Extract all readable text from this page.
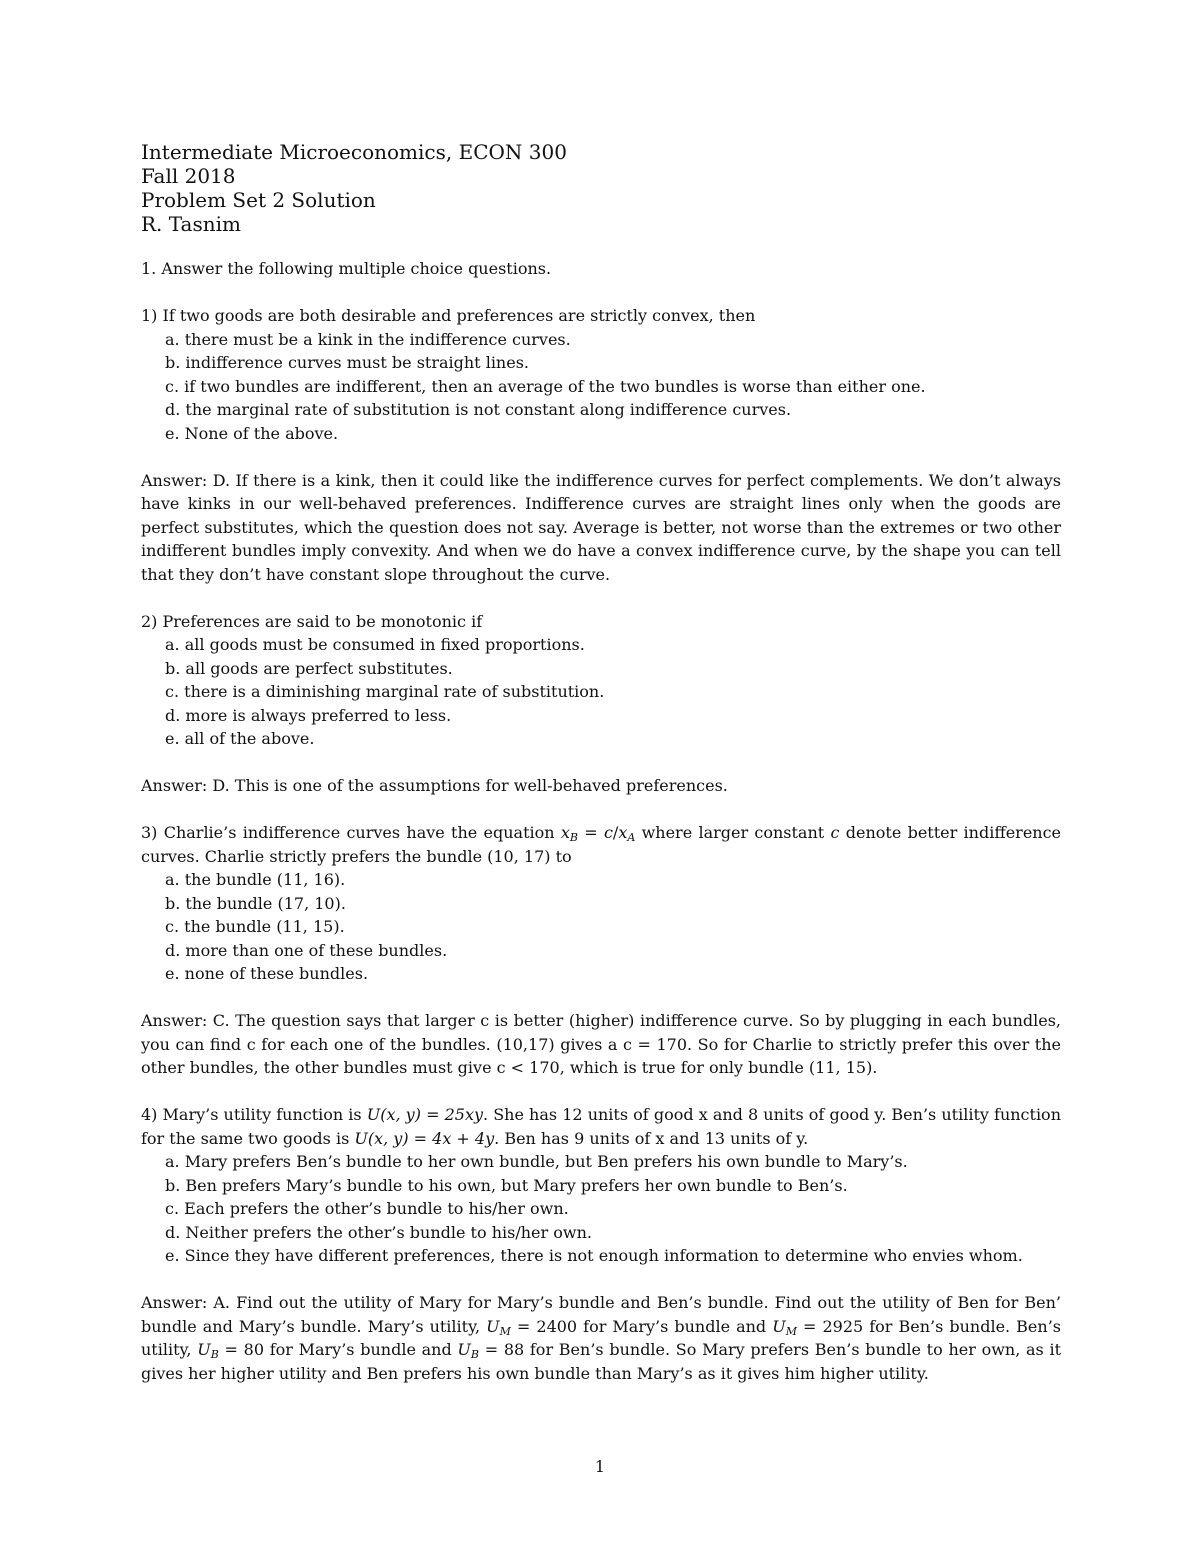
Intermediate Microeconomics, ECON 300
Fall 2018
Problem Set 2 Solution
R. Tasnim

1. Answer the following multiple choice questions.

1) If two goods are both desirable and preferences are strictly convex, then

a. there must be a kink in the indifference curves.
b. indifference curves must be straight lines.
c. if two bundles are indifferent, then an average of the two bundles is worse than either one.
d. the marginal rate of substitution is not constant along indifference curves.
e. None of the above.

Answer: D. If there is a kink, then it could like the indifference curves for perfect complements. We don’t always have kinks in our well-behaved preferences. Indifference curves are straight lines only when the goods are perfect substitutes, which the question does not say. Average is better, not worse than the extremes or two other indifferent bundles imply convexity. And when we do have a convex indifference curve, by the shape you can tell that they don’t have constant slope throughout the curve.

2) Preferences are said to be monotonic if

a. all goods must be consumed in fixed proportions.
b. all goods are perfect substitutes.
c. there is a diminishing marginal rate of substitution.
d. more is always preferred to less.
e. all of the above.

Answer: D. This is one of the assumptions for well-behaved preferences.

3) Charlie’s indifference curves have the equation $x_B = c/x_A$ where larger constant c denote better indifference curves. Charlie strictly prefers the bundle (10, 17) to

a. the bundle (11, 16).
b. the bundle (17, 10).
c. the bundle (11, 15).
d. more than one of these bundles.
e. none of these bundles.

Answer: C. The question says that larger c is better (higher) indifference curve. So by plugging in each bundles, you can find c for each one of the bundles. (10,17) gives a c = 170. So for Charlie to strictly prefer this over the other bundles, the other bundles must give c < 170, which is true for only bundle (11, 15).

4) Mary’s utility function is U(x, y) = 25xy. She has 12 units of good x and 8 units of good y. Ben’s utility function for the same two goods is U(x, y) = 4x + 4y. Ben has 9 units of x and 13 units of y.

a. Mary prefers Ben’s bundle to her own bundle, but Ben prefers his own bundle to Mary’s.
b. Ben prefers Mary’s bundle to his own, but Mary prefers her own bundle to Ben’s.
c. Each prefers the other’s bundle to his/her own.
d. Neither prefers the other’s bundle to his/her own.
e. Since they have different preferences, there is not enough information to determine who envies whom.

Answer: A. Find out the utility of Mary for Mary’s bundle and Ben’s bundle. Find out the utility of Ben for Ben’ bundle and Mary’s bundle. Mary’s utility, $U_M = 2400$ for Mary’s bundle and $U_M = 2925$ for Ben’s bundle. Ben’s utility, $U_B = 80$ for Mary’s bundle and $U_B = 88$ for Ben’s bundle. So Mary prefers Ben’s bundle to her own, as it gives her higher utility and Ben prefers his own bundle than Mary’s as it gives him higher utility.

1
